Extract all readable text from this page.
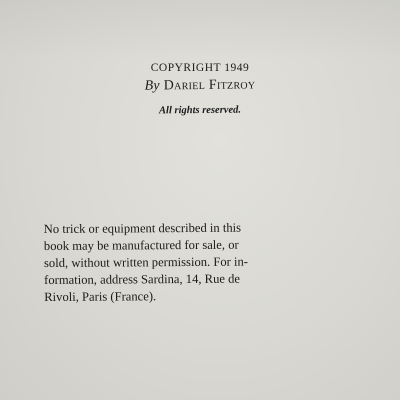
COPYRIGHT 1949
By Dariel Fitzroy
All rights reserved.
No trick or equipment described in this
book may be manufactured for sale, or
sold, without written permission. For in-
formation, address Sardina, 14, Rue de
Rivoli, Paris (France).
